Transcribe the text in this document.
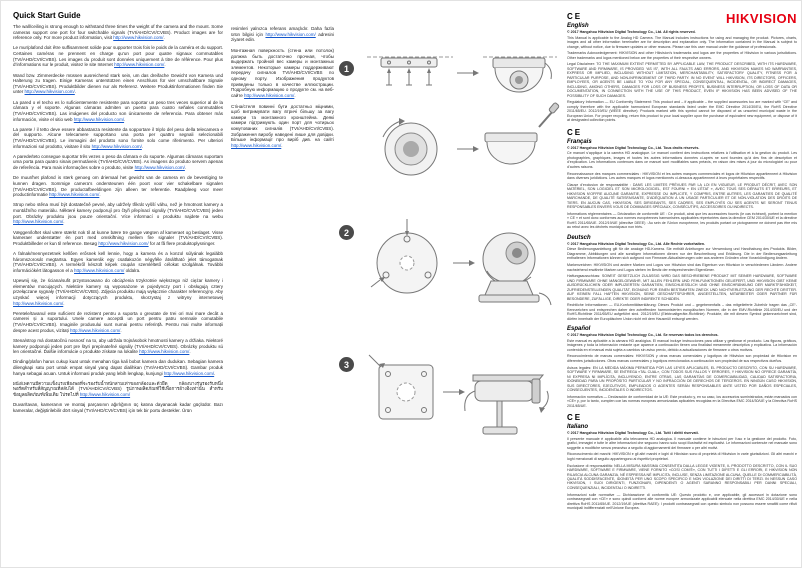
Quick Start Guide

The wall/ceiling is strong enough to withstand three times the weight of the camera and the mount. Some cameras support one port for four switchable signals (TVI/AHD/CVI/CVBS). Product images are for reference only. For more product information, visit http://www.hikvision.com/.

Le mur/plafond doit être suffisamment solide pour supporter trois fois le poids de la caméra et du support. Certaines caméras ne prennent en charge qu’un port pour quatre signaux commutables (TVI/AHD/CVI/CVBS). Les images du produit sont données uniquement à titre de référence. Pour plus d’informations sur le produit, visitez le site Internet http://www.hikvision.com/.

Wand bzw. Zimmerdecke müssen ausreichend stark sein, um das dreifache Gewicht von Kamera und Halterung zu tragen. Einige Kameras unterstützen einen Anschluss für vier umschaltbare Signale (TVI/AHD/CVI/CVBS). Produktbilder dienen nur als Referenz. Weitere Produktinformationen finden Sie unter http://www.hikvision.com/.

La pared o el techo es lo suficientemente resistente para soportar un peso tres veces superior al de la cámara y el soporte. Algunas cámaras admiten un puerto para cuatro señales conmutables (TVI/AHD/CVI/CVBS). Las imágenes del producto son únicamente de referencia. Para obtener más información, visite el sitio web http://www.hikvision.com/.

La parete / il tetto deve essere abbastanza resistente da sopportare il triplo del peso della telecamera e del supporto. Alcune telecamere supportano una porta per quattro segnali selezionabili (TVI/AHD/CVI/CVBS). Le immagini del prodotto sono fornite solo come riferimento. Per ulteriori informazioni sul prodotto, visitare il sito http://www.hikvision.com/.

A parede/teto consegue suportar três vezes o peso da câmara e do suporte. Algumas câmaras suportam uma porta para quatro sinais permutáveis (TVI/AHD/CVI/CVBS). As imagens do produto servem apenas de referência. Para mais informações sobre o produto, visite http://www.hikvision.com/.

De muur/het plafond is sterk genoeg om driemaal het gewicht van de camera en de bevestiging te kunnen dragen. Sommige camera’s ondersteunen één poort voor vier schakelbare signalen (TVI/AHD/CVI/CVBS). De productafbeeldingen zijn alleen ter referentie. Raadpleeg voor meer productinformatie http://www.hikvision.com/.

Strop nebo stěna musí být dostatečně pevné, aby udržely třikrát vyšší váhu, než je hmotnost kamery a montážního materiálu. Některé kamery podporují pro čtyři přepínací signály (TVI/AHD/CVI/CVBS) jeden port. Obrázky produktu jsou pouze orientační. Více informací o produktu najdete na webu http://www.hikvision.com/.

Væggen/loftet skal være stærkt nok til at kunne bære tre gange vægten af kameraet og beslaget. Visse kameraer understøtter én port med omskiftning mellem fire signaler (TVI/AHD/CVI/CVBS). Produktbilleder er kun til reference. Besøg http://www.hikvision.com/ for at få flere produktoplysninger.

A falnak/mennyezetnek kellően erősnek kell lennie, hogy a kamera és a konzol súlyának legalább háromszorosát megtartsa. Egyes kamerák egy csatlakozón négyféle átváltható jelet támogatnak (TVI/AHD/CVI/CVBS). A termékről készült képek csupán szemléltető célokat szolgálnak. További információkért látogasson el a http://www.hikvision.com/ oldalra.

Upewnij się, że ściana/sufit przystosowano do obciążenia trzykrotnie większego niż ciężar kamery i elementów mocujących. Niektóre kamery są wyposażone w pojedynczy port i obsługują cztery przełączane sygnały (TVI/AHD/CVI/CVBS). Zdjęcia produktu mają wyłącznie charakter referencyjny. Aby uzyskać więcej informacji dotyczących produktu, skorzystaj z witryny internetowej http://www.hikvision.com/.

Peretele/tavanul este suficient de rezistent pentru a suporta o greutate de trei ori mai mare decât a camerei și a suportului. Unele camere acceptă un port pentru patru semnale comutabile (TVI/AHD/CVI/CVBS). Imaginile produsului sunt numai pentru referință. Pentru mai multe informații despre acest produs, vizitați http://www.hikvision.com/.

Stena/strop má dostatočnú nosnosť na to, aby udržala trojnásobok hmotnosti kamery a držiaka. Niektoré kamery podporujú jeden port pre štyri prepínateľné signály (TVI/AHD/CVI/CVBS). Obrázky produktu sú len orientačné. Ďalšie informácie o produkte získate na lokalite http://www.hikvision.com/.

Dinding/plafon harus cukup kuat untuk menahan tiga kali bobot kamera dan dudukan. Sebagian kamera dilengkapi satu port untuk empat sinyal yang dapat dialihkan (TVI/AHD/CVI/CVBS). Gambar produk hanya sebagai acuan. Untuk informasi produk yang lebih lengkap, kunjungi http://www.hikvision.com/.

ผนัง/เพดานมีความแข็งแรงเพียงพอที่จะรองรับน้ำหนักสามเท่าของกล้องและตัวยึด กล้องบางรุ่นรองรับหนึ่งพอร์ตสำหรับสี่สัญญาณที่สลับได้ (TVI/AHD/CVI/CVBS) รูปภาพผลิตภัณฑ์ใช้เพื่อการอ้างอิงเท่านั้น สำหรับข้อมูลผลิตภัณฑ์เพิ่มเติม โปรดไปที่ http://www.hikvision.com/

Duvar/tavan, kameranın ve montaj parçasının ağırlığının üç katına dayanacak kadar güçlüdür. Bazı kameralar, değiştirilebilir dört sinyal (TVI/AHD/CVI/CVBS) için tek bir portu destekler. Ürün

resimleri yalnızca referans amaçlıdır. Daha fazla ürün bilgisi için http://www.hikvision.com/ adresini ziyaret edin.

Монтажная поверхность (стена или потолок) должна быть достаточно прочная, чтобы выдержать тройной вес камеры и монтажных элементов. Некоторые камеры поддерживают передачу сигналов TVI/AHD/CVI/CVBS по одному порту. Изображения продуктов приведены только в качестве иллюстрации. Подробную информацию о продукте см. на веб-сайте http://www.hikvision.com/.

Стіна/стеля повинні бути достатньо міцними, щоб витримувати вагу втричі більшу за вагу камери та монтажного кронштейна. Деякі камери підтримують один порт для чотирьох комутованих сигналів (TVI/AHD/CVI/CVBS). Зображення виробу наведені лише для довідки. Більше інформації про виріб див. на сайті http://www.hikvision.com/.

1
2
3
HIKVISION
CE
English
© 2017 Hangzhou Hikvision Digital Technology Co., Ltd. All rights reserved.

This Manual is applicable to the Analog HD Camera. The Manual includes instructions for using and managing the product. Pictures, charts, images and all other information hereinafter are for description and explanation only. The information contained in the Manual is subject to change, without notice, due to firmware updates or other reasons. Please use this user manual under the guidance of professionals.

Trademarks Acknowledgement: HIKVISION and other Hikvision’s trademarks and logos are the properties of Hikvision in various jurisdictions. Other trademarks and logos mentioned below are the properties of their respective owners.

Legal Disclaimer: TO THE MAXIMUM EXTENT PERMITTED BY APPLICABLE LAW, THE PRODUCT DESCRIBED, WITH ITS HARDWARE, SOFTWARE AND FIRMWARE, IS PROVIDED “AS IS”, WITH ALL FAULTS AND ERRORS, AND HIKVISION MAKES NO WARRANTIES, EXPRESS OR IMPLIED, INCLUDING WITHOUT LIMITATION, MERCHANTABILITY, SATISFACTORY QUALITY, FITNESS FOR A PARTICULAR PURPOSE, AND NON-INFRINGEMENT OF THIRD PARTY. IN NO EVENT WILL HIKVISION, ITS DIRECTORS, OFFICERS, EMPLOYEES, OR AGENTS BE LIABLE TO YOU FOR ANY SPECIAL, CONSEQUENTIAL, INCIDENTAL, OR INDIRECT DAMAGES, INCLUDING, AMONG OTHERS, DAMAGES FOR LOSS OF BUSINESS PROFITS, BUSINESS INTERRUPTION, OR LOSS OF DATA OR DOCUMENTATION, IN CONNECTION WITH THE USE OF THIS PRODUCT, EVEN IF HIKVISION HAS BEEN ADVISED OF THE POSSIBILITY OF SUCH DAMAGES.

Regulatory Information — EU Conformity Statement: This product and – if applicable – the supplied accessories too are marked with “CE” and comply therefore with the applicable harmonized European standards listed under the EMC Directive 2014/30/EU, the RoHS Directive 2011/65/EU. 2012/19/EU (WEEE directive): Products marked with this symbol cannot be disposed of as unsorted municipal waste in the European Union. For proper recycling, return this product to your local supplier upon the purchase of equivalent new equipment, or dispose of it at designated collection points.

CE
Français
© 2017 Hangzhou Hikvision Digital Technology Co., Ltd. Tous droits réservés.

Ce manuel s’applique à la caméra HD analogique. Le manuel contient des instructions relatives à l’utilisation et à la gestion du produit. Les photographies, graphiques, images et toutes les autres informations données ci-après ne sont fournies qu’à des fins de description et d’explication. Les informations contenues dans ce manuel sont modifiables sans préavis, en raison des mises à jour du micrologiciel ou pour d’autres raisons.

Reconnaissance des marques commerciales : HIKVISION et les autres marques commerciales et logos de Hikvision appartiennent à Hikvision dans diverses juridictions. Les autres marques et logos mentionnés ci-dessous appartiennent à leurs propriétaires respectifs.

Clause d’exclusion de responsabilité : DANS LES LIMITES PRÉVUES PAR LA LOI EN VIGUEUR, LE PRODUIT DÉCRIT, AVEC SON MATÉRIEL, SON LOGICIEL ET SON MICROLOGICIEL, EST FOURNI « EN L’ÉTAT », AVEC TOUS SES DÉFAUTS ET ERREURS, ET HIKVISION N’OFFRE AUCUNE GARANTIE, EXPRESSE OU IMPLICITE, Y COMPRIS, ENTRE AUTRES, LES GARANTIES DE QUALITÉ MARCHANDE, DE QUALITÉ SATISFAISANTE, D’ADÉQUATION À UN USAGE PARTICULIER ET DE NON-VIOLATION DES DROITS DE TIERS. EN AUCUN CAS, HIKVISION, SES DIRIGEANTS, SES CADRES, SES EMPLOYÉS OU SES AGENTS NE SERONT TENUS RESPONSABLES ENVERS VOUS DE DOMMAGES SPÉCIAUX, CONSÉCUTIFS, ACCESSOIRES OU INDIRECTS.

Informations réglementaires — Déclaration de conformité UE : Ce produit, ainsi que les accessoires fournis (le cas échéant), portent la mention « CE » et sont donc conformes aux normes européennes harmonisées applicables répertoriées dans la directive CEM 2014/30/UE et la directive RoHS 2011/65/UE. 2012/19/UE (directive DEEE) : Au sein de l’Union européenne, les produits portant ce pictogramme ne doivent pas être mis au rebut avec les déchets municipaux non triés.

Deutsch
© 2017 Hangzhou Hikvision Digital Technology Co., Ltd. Alle Rechte vorbehalten.

Diese Bedienungsanleitung gilt für die analoge HD-Kamera. Sie enthält Anleitungen zur Verwendung und Handhabung des Produkts. Bilder, Diagramme, Abbildungen und alle sonstigen Informationen dienen nur der Beschreibung und Erklärung. Die in der Bedienungsanleitung enthaltenen Informationen können sich aufgrund von Firmware-Aktualisierungen oder aus anderen Gründen ohne Vorankündigung ändern.

Markenzeichen: HIKVISION und andere Marken und Logos von Hikvision sind das Eigentum von Hikvision in verschiedenen Ländern. Andere nachstehend erwähnte Marken und Logos stehen im Besitz der entsprechenden Eigentümer.

Haftungsausschluss: SOWEIT GESETZLICH ZULÄSSIG WIRD DAS BESCHRIEBENE PRODUKT MIT SEINER HARDWARE, SOFTWARE UND FIRMWARE OHNE MÄNGELGEWÄHR, MIT ALLEN FEHLERN UND FEHLFUNKTIONEN GELIEFERT, UND HIKVISION GIBT KEINE AUSDRÜCKLICHEN ODER IMPLIZIERTEN GARANTIEN, EINSCHLIESSLICH UND OHNE EINSCHRÄNKUNG DER MARKTFÄHIGKEIT, ZUFRIEDENSTELLENDEN QUALITÄT, EIGNUNG FÜR EINEN BESTIMMTEN ZWECK UND NICHTVERLETZUNG DER RECHTE DRITTER. AUF KEINEN FALL HAFTEN HIKVISION, SEINE GESCHÄFTSFÜHRER, ANGESTELLTEN, MITARBEITER ODER PARTNER FÜR BESONDERE, ZUFÄLLIGE, DIREKTE ODER INDIREKTE SCHÄDEN.

Rechtliche Informationen — EU-Konformitätserklärung: Dieses Produkt und – gegebenenfalls – das mitgelieferte Zubehör tragen das „CE“-Kennzeichen und entsprechen daher den zutreffenden harmonisierten europäischen Normen, die in der EMV-Richtlinie 2014/30/EU und der RoHS-Richtlinie 2011/65/EU aufgeführt sind. 2012/19/EU (Elektroaltgeräte-Richtlinie): Produkte, die mit diesem Symbol gekennzeichnet sind, dürfen innerhalb der Europäischen Union nicht mit dem Hausmüll entsorgt werden.

Español
© 2017 Hangzhou Hikvision Digital Technology Co., Ltd. Se reservan todos los derechos.

Este manual es aplicable a la cámara HD analógica. El manual incluye instrucciones para utilizar y gestionar el producto. Las figuras, gráficos, imágenes y toda la información restante que aparece a continuación tienen una finalidad meramente descriptiva y explicativa. La información contenida en el manual está sujeta a cambios sin aviso previo, debido a actualizaciones de firmware u otros motivos.

Reconocimiento de marcas comerciales: HIKVISION y otras marcas comerciales y logotipos de Hikvision son propiedad de Hikvision en diferentes jurisdicciones. Otras marcas comerciales y logotipos mencionados a continuación son propiedad de sus respectivos dueños.

Avisos legales: EN LA MEDIDA MÁXIMA PERMITIDA POR LAS LEYES APLICABLES, EL PRODUCTO DESCRITO, CON SU HARDWARE, SOFTWARE Y FIRMWARE, SE ENTREGA «TAL CUAL», CON TODOS SUS FALLOS Y ERRORES, Y HIKVISION NO OFRECE GARANTÍA, NI EXPRESA NI IMPLÍCITA, INCLUYENDO, ENTRE OTRAS, LAS GARANTÍAS DE COMERCIABILIDAD, CALIDAD SATISFACTORIA, IDONEIDAD PARA UN PROPÓSITO PARTICULAR Y NO INFRACCIÓN DE DERECHOS DE TERCEROS. EN NINGÚN CASO HIKVISION, SUS DIRECTORES, EJECUTIVOS, EMPLEADOS O AGENTES SERÁN RESPONSABLES ANTE USTED POR DAÑOS ESPECIALES, CONSECUENTES, INCIDENTALES O INDIRECTOS.

Información normativa — Declaración de conformidad de la UE: Este producto y, en su caso, los accesorios suministrados, están marcados con «CE» y, por lo tanto, cumplen con las normas europeas armonizadas aplicables recogidas en la Directiva EMC 2014/30/UE y la Directiva RoHS 2011/65/UE.

CE
Italiano
© 2017 Hangzhou Hikvision Digital Technology Co., Ltd. Tutti i diritti riservati.

Il presente manuale è applicabile alla telecamera HD analogica. Il manuale contiene le istruzioni per l’uso e la gestione del prodotto. Foto, grafici, immagini e tutte le altre informazioni che seguono hanno solo scopi illustrativi ed esplicativi. Le informazioni contenute nel manuale sono soggette a modifiche senza preavviso a seguito di aggiornamenti del firmware o per altri motivi.

Riconoscimento dei marchi: HIKVISION e gli altri marchi e loghi di Hikvision sono di proprietà di Hikvision in varie giurisdizioni. Gli altri marchi e loghi menzionati di seguito appartengono ai rispettivi proprietari.

Esclusione di responsabilità: NELLA MISURA MASSIMA CONSENTITA DALLA LEGGE VIGENTE, IL PRODOTTO DESCRITTO, CON IL SUO HARDWARE, SOFTWARE E FIRMWARE, VIENE FORNITO «COSÌ COM’È», CON TUTTI I DIFETTI E GLI ERRORI, E HIKVISION NON RILASCIA ALCUNA GARANZIA, NÉ ESPRESSA NÉ IMPLICITA, INCLUSE, SENZA LIMITAZIONE ALCUNA, QUELLE DI COMMERCIABILITÀ, QUALITÀ SODDISFACENTE, IDONEITÀ PER UNO SCOPO SPECIFICO E NON VIOLAZIONE DEI DIRITTI DI TERZI. IN NESSUN CASO HIKVISION, I SUOI DIRIGENTI, FUNZIONARI, DIPENDENTI O AGENTI SARANNO RESPONSABILI PER DANNI SPECIALI, CONSEQUENZIALI, INCIDENTALI O INDIRETTI.

Informazioni sulle normative — Dichiarazione di conformità UE: Questo prodotto e, ove applicabile, gli accessori in dotazione sono contrassegnati con «CE» e sono quindi conformi alle norme europee armonizzate applicabili elencate nella direttiva EMC 2014/30/UE e nella direttiva RoHS 2011/65/UE. 2012/19/UE (direttiva RAEE): I prodotti contrassegnati con questo simbolo non possono essere smaltiti come rifiuti municipali indifferenziati nell’Unione Europea.
